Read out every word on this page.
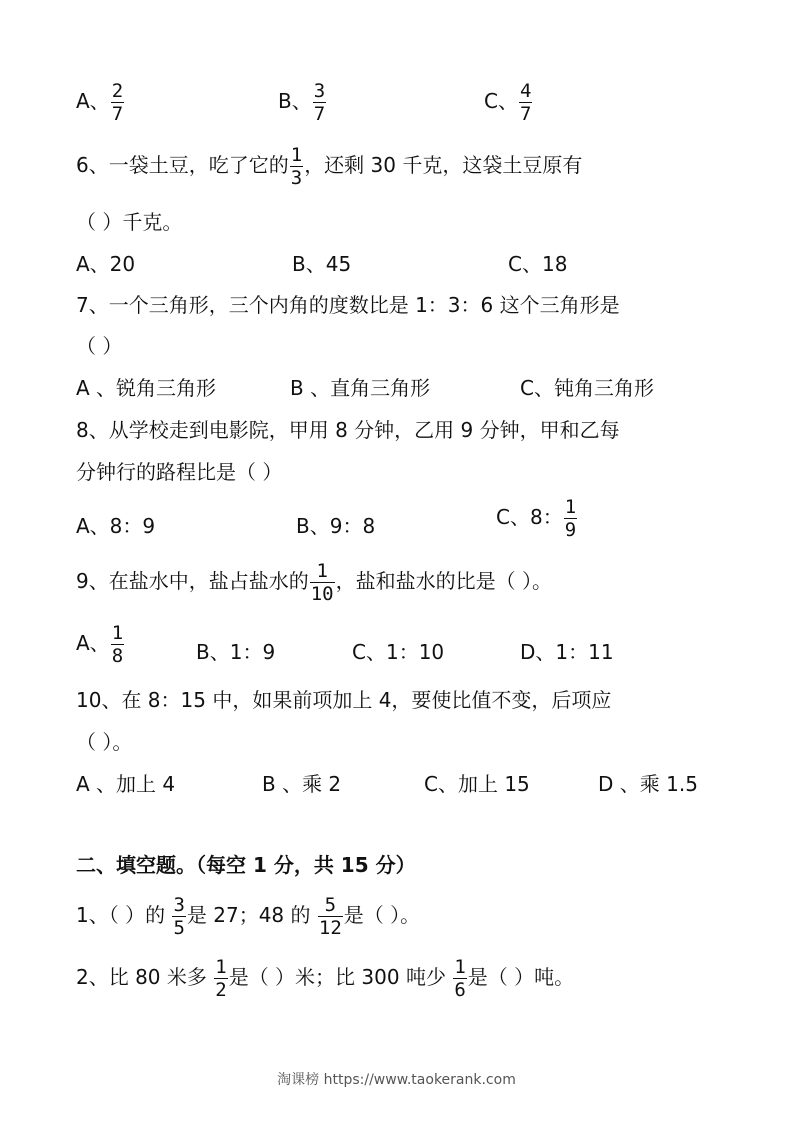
A、 $\frac{2}{7}$	B、 $\frac{3}{7}$	C、 $\frac{4}{7}$
6、一袋土豆，吃了它的 $\frac{1}{3}$ ，还剩 30 千克，这袋土豆原有
（ ）千克。
A、20	B、45	C、18
7、一个三角形，三个内角的度数比是 1：3：6 这个三角形是
（ ）
A 、锐角三角形	B 、直角三角形	C、钝角三角形
8、从学校走到电影院，甲用 8 分钟，乙用 9 分钟，甲和乙每
分钟行的路程比是（ ）
A、8：9	B、9：8	C、8： $\frac{1}{9}$
9、在盐水中，盐占盐水的 $\frac{1}{10}$ ，盐和盐水的比是（ ）。
A、 $\frac{1}{8}$	B、1：9	C、1：10	D、1：11
10、在 8：15 中，如果前项加上 4，要使比值不变，后项应
（ ）。
A 、加上 4	B 、乘 2	C、加上 15	D 、乘 1.5
二、填空题。（每空 1 分，共 15 分）
1、（ ）的 $\frac{3}{5}$ 是 27；48 的 $\frac{5}{12}$ 是（ ）。
2、比 80 米多 $\frac{1}{2}$ 是（ ）米；比 300 吨少 $\frac{1}{6}$ 是（ ）吨。
淘课榜 https://www.taokerank.com
